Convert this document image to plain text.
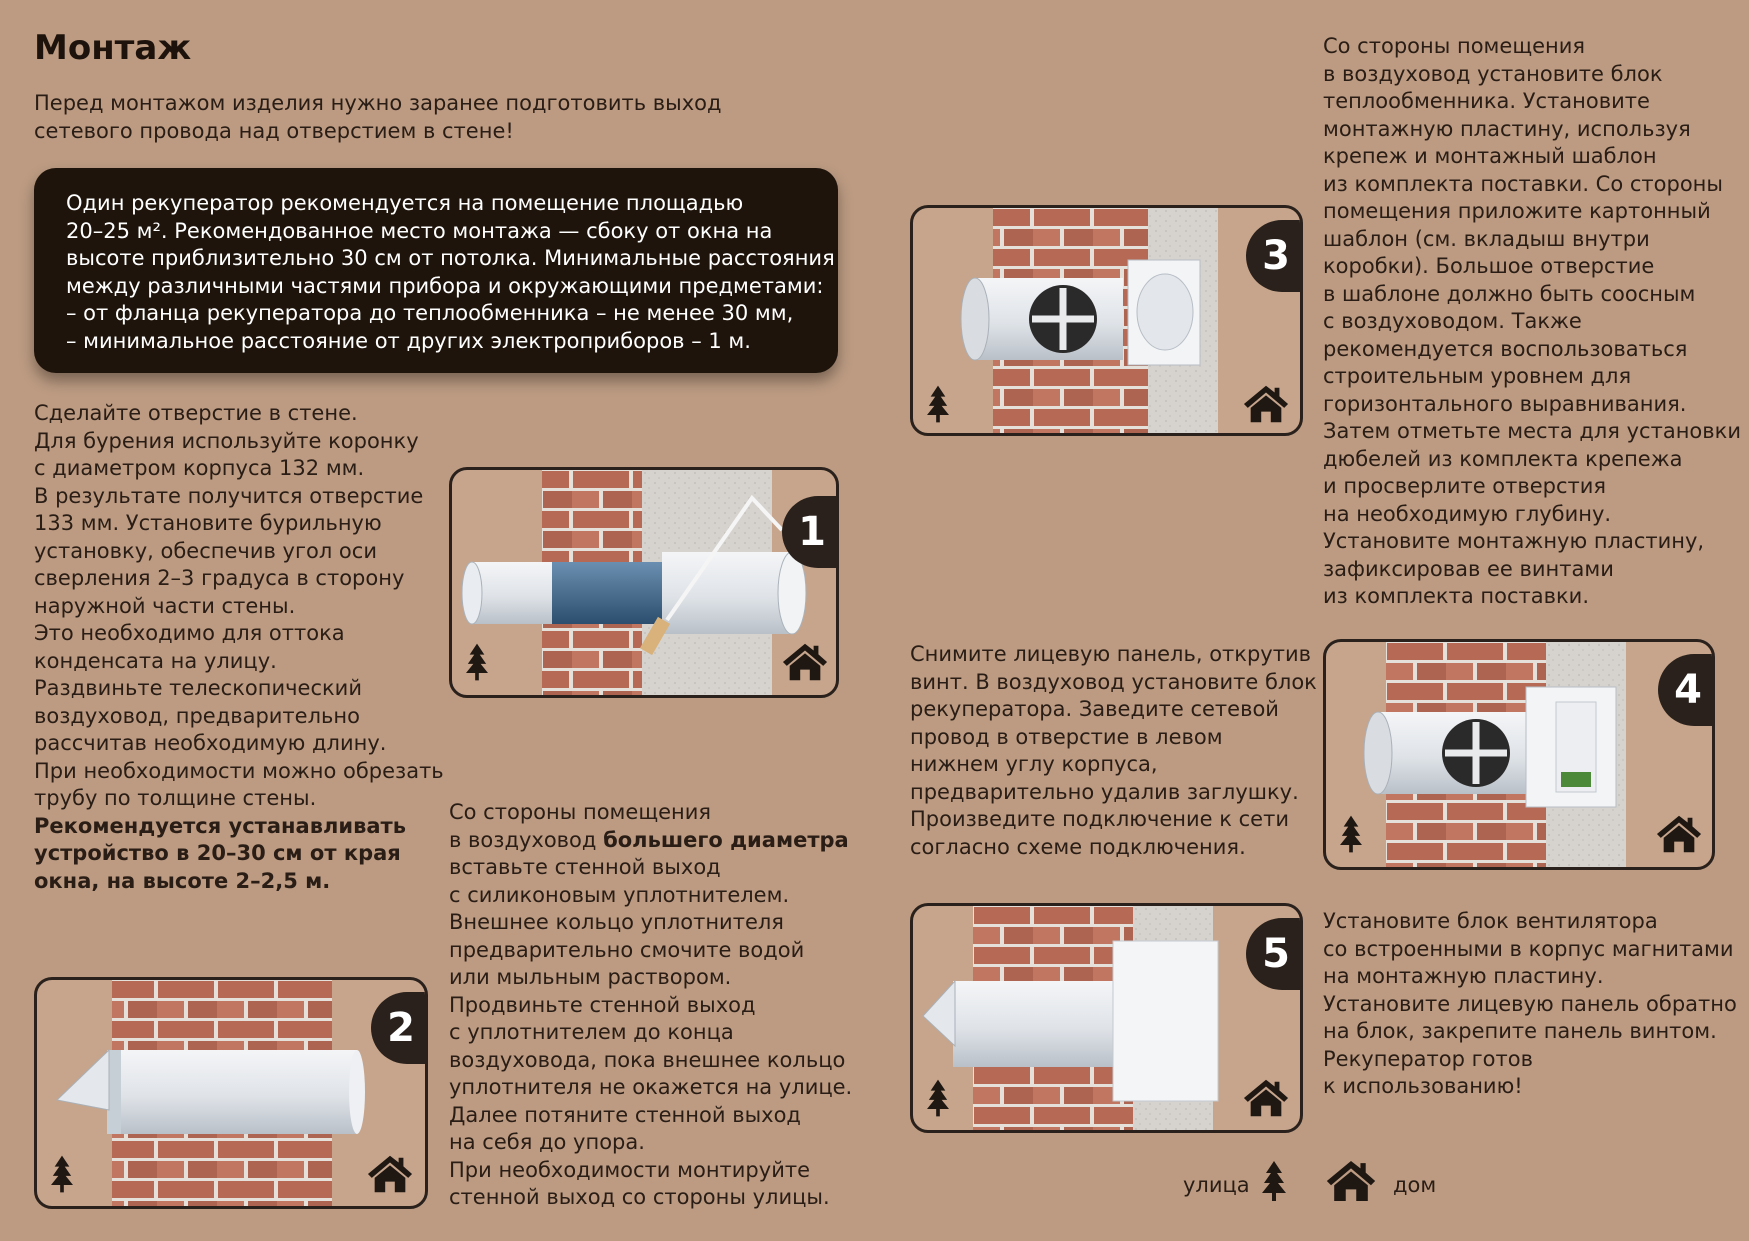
Монтаж
Перед монтажом изделия нужно заранее подготовить выход сетевого провода над отверстием в стене!
Один рекуператор рекомендуется на помещение площадью
20–25 м². Рекомендованное место монтажа — сбоку от окна на
высоте приблизительно 30 см от потолка. Минимальные расстояния
между различными частями прибора и окружающими предметами:
– от фланца рекуператора до теплообменника – не менее 30 мм,
– минимальное расстояние от других электроприборов – 1 м.
Сделайте отверстие в стене.
Для бурения используйте коронку
с диаметром корпуса 132 мм.
В результате получится отверстие
133 мм. Установите бурильную
установку, обеспечив угол оси
сверления 2–3 градуса в сторону
наружной части стены.
Это необходимо для оттока
конденсата на улицу.
Раздвиньте телескопический
воздуховод, предварительно
рассчитав необходимую длину.
При необходимости можно обрезать
трубу по толщине стены.
Рекомендуется устанавливать
устройство в 20–30 см от края
окна, на высоте 2–2,5 м.
1
Со стороны помещения
в воздуховод большего диаметра
вставьте стенной выход
с силиконовым уплотнителем.
Внешнее кольцо уплотнителя
предварительно смочите водой
или мыльным раствором.
Продвиньте стенной выход
с уплотнителем до конца
воздуховода, пока внешнее кольцо
уплотнителя не окажется на улице.
Далее потяните стенной выход
на себя до упора.
При необходимости монтируйте
стенной выход со стороны улицы.
2
3
Со стороны помещения
в воздуховод установите блок
теплообменника. Установите
монтажную пластину, используя
крепеж и монтажный шаблон
из комплекта поставки. Со стороны
помещения приложите картонный
шаблон (см. вкладыш внутри
коробки). Большое отверстие
в шаблоне должно быть соосным
с воздуховодом. Также
рекомендуется воспользоваться
строительным уровнем для
горизонтального выравнивания.
Затем отметьте места для установки
дюбелей из комплекта крепежа
и просверлите отверстия
на необходимую глубину.
Установите монтажную пластину,
зафиксировав ее винтами
из комплекта поставки.
Снимите лицевую панель, открутив
винт. В воздуховод установите блок
рекуператора. Заведите сетевой
провод в отверстие в левом
нижнем углу корпуса,
предварительно удалив заглушку.
Произведите подключение к сети
согласно схеме подключения.
4
5
Установите блок вентилятора
со встроенными в корпус магнитами
на монтажную пластину.
Установите лицевую панель обратно
на блок, закрепите панель винтом.
Рекуператор готов
к использованию!
улица	дом
